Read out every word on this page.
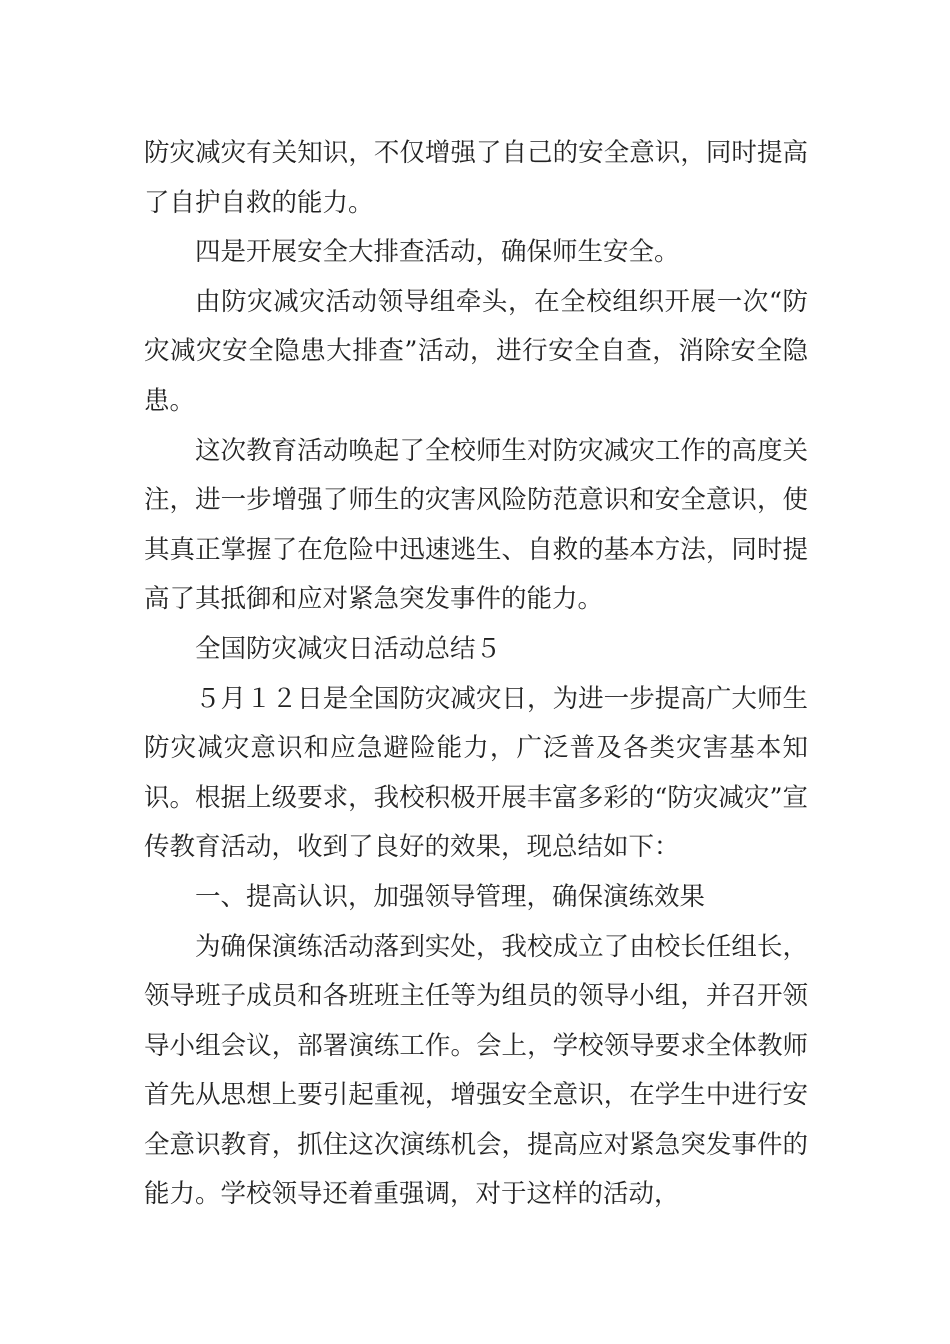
防灾减灾有关知识，不仅增强了自己的安全意识，同时提高了自护自救的能力。

四是开展安全大排查活动，确保师生安全。

由防灾减灾活动领导组牵头，在全校组织开展一次“防灾减灾安全隐患大排查”活动，进行安全自查，消除安全隐患。

这次教育活动唤起了全校师生对防灾减灾工作的高度关注，进一步增强了师生的灾害风险防范意识和安全意识，使其真正掌握了在危险中迅速逃生、自救的基本方法，同时提高了其抵御和应对紧急突发事件的能力。

全国防灾减灾日活动总结５

５月１２日是全国防灾减灾日，为进一步提高广大师生防灾减灾意识和应急避险能力，广泛普及各类灾害基本知识。根据上级要求，我校积极开展丰富多彩的“防灾减灾”宣传教育活动，收到了良好的效果，现总结如下：

一、提高认识，加强领导管理，确保演练效果

为确保演练活动落到实处，我校成立了由校长任组长，领导班子成员和各班班主任等为组员的领导小组，并召开领导小组会议，部署演练工作。会上，学校领导要求全体教师首先从思想上要引起重视，增强安全意识，在学生中进行安全意识教育，抓住这次演练机会，提高应对紧急突发事件的能力。学校领导还着重强调，对于这样的活动，
